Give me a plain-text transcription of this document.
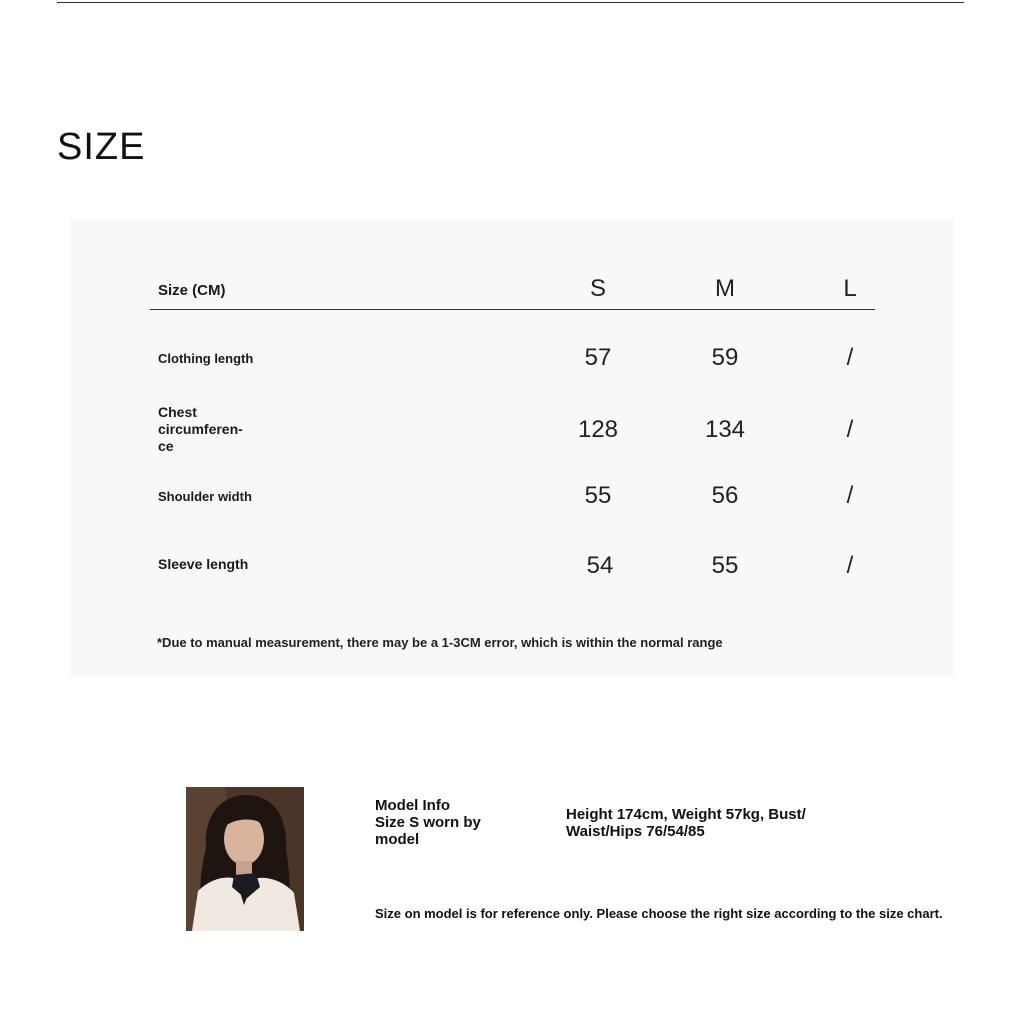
SIZE
Size (CM)	S	M	L
Clothing length	57	59	/
Chest
circumferen-
ce
128	134	/
Shoulder width	55	56	/
Sleeve length	54	55	/
*Due to manual measurement, there may be a 1-3CM error, which is within the normal range
Model Info
Size S worn by
model
Height 174cm, Weight 57kg, Bust/ Waist/Hips 76/54/85
Size on model is for reference only. Please choose the right size according to the size chart.
